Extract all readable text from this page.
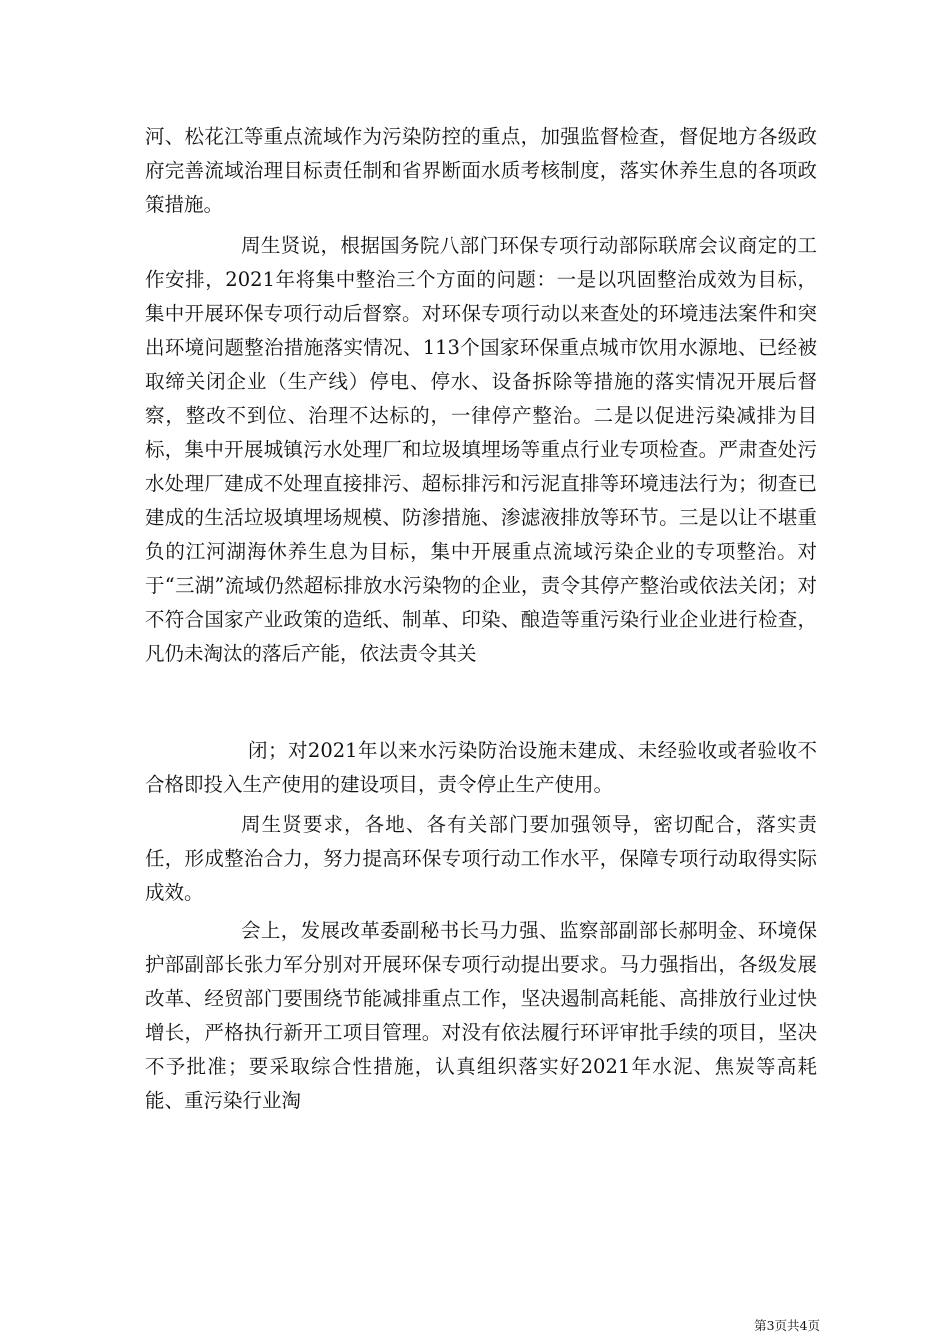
河、松花江等重点流域作为污染防控的重点，加强监督检查，督促地方各级政府完善流域治理目标责任制和省界断面水质考核制度，落实休养生息的各项政策措施。

周生贤说，根据国务院八部门环保专项行动部际联席会议商定的工作安排，2021年将集中整治三个方面的问题：一是以巩固整治成效为目标，集中开展环保专项行动后督察。对环保专项行动以来查处的环境违法案件和突出环境问题整治措施落实情况、113个国家环保重点城市饮用水源地、已经被取缔关闭企业（生产线）停电、停水、设备拆除等措施的落实情况开展后督察，整改不到位、治理不达标的，一律停产整治。二是以促进污染减排为目标，集中开展城镇污水处理厂和垃圾填埋场等重点行业专项检查。严肃查处污水处理厂建成不处理直接排污、超标排污和污泥直排等环境违法行为；彻查已建成的生活垃圾填埋场规模、防渗措施、渗滤液排放等环节。三是以让不堪重负的江河湖海休养生息为目标，集中开展重点流域污染企业的专项整治。对于“三湖”流域仍然超标排放水污染物的企业，责令其停产整治或依法关闭；对不符合国家产业政策的造纸、制革、印染、酿造等重污染行业企业进行检查，凡仍未淘汰的落后产能，依法责令其关

闭；对2021年以来水污染防治设施未建成、未经验收或者验收不合格即投入生产使用的建设项目，责令停止生产使用。

周生贤要求，各地、各有关部门要加强领导，密切配合，落实责任，形成整治合力，努力提高环保专项行动工作水平，保障专项行动取得实际成效。

会上，发展改革委副秘书长马力强、监察部副部长郝明金、环境保护部副部长张力军分别对开展环保专项行动提出要求。马力强指出，各级发展改革、经贸部门要围绕节能减排重点工作，坚决遏制高耗能、高排放行业过快增长，严格执行新开工项目管理。对没有依法履行环评审批手续的项目，坚决不予批准；要采取综合性措施，认真组织落实好2021年水泥、焦炭等高耗能、重污染行业淘

第3页共4页
